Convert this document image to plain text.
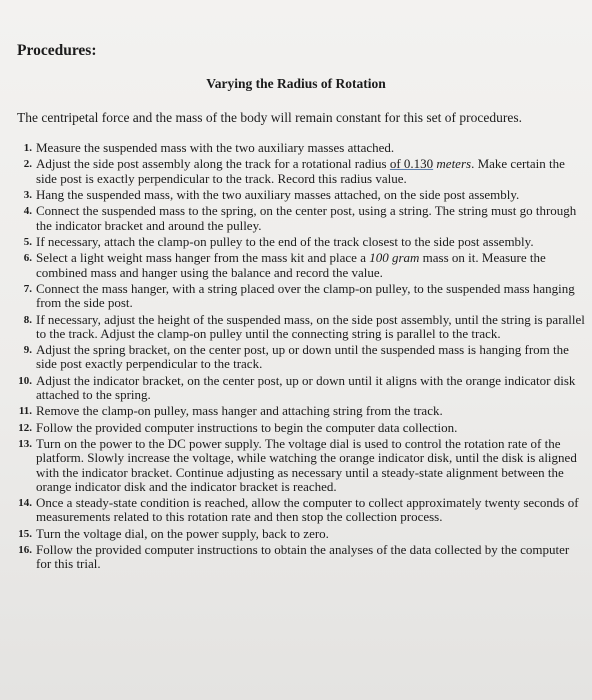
Procedures:
Varying the Radius of Rotation

The centripetal force and the mass of the body will remain constant for this set of procedures.

1. Measure the suspended mass with the two auxiliary masses attached.
2. Adjust the side post assembly along the track for a rotational radius of 0.130 meters. Make certain the side post is exactly perpendicular to the track. Record this radius value.
3. Hang the suspended mass, with the two auxiliary masses attached, on the side post assembly.
4. Connect the suspended mass to the spring, on the center post, using a string. The string must go through the indicator bracket and around the pulley.
5. If necessary, attach the clamp-on pulley to the end of the track closest to the side post assembly.
6. Select a light weight mass hanger from the mass kit and place a 100 gram mass on it. Measure the combined mass and hanger using the balance and record the value.
7. Connect the mass hanger, with a string placed over the clamp-on pulley, to the suspended mass hanging from the side post.
8. If necessary, adjust the height of the suspended mass, on the side post assembly, until the string is parallel to the track. Adjust the clamp-on pulley until the connecting string is parallel to the track.
9. Adjust the spring bracket, on the center post, up or down until the suspended mass is hanging from the side post exactly perpendicular to the track.
10. Adjust the indicator bracket, on the center post, up or down until it aligns with the orange indicator disk attached to the spring.
11. Remove the clamp-on pulley, mass hanger and attaching string from the track.
12. Follow the provided computer instructions to begin the computer data collection.
13. Turn on the power to the DC power supply. The voltage dial is used to control the rotation rate of the platform. Slowly increase the voltage, while watching the orange indicator disk, until the disk is aligned with the indicator bracket. Continue adjusting as necessary until a steady-state alignment between the orange indicator disk and the indicator bracket is reached.
14. Once a steady-state condition is reached, allow the computer to collect approximately twenty seconds of measurements related to this rotation rate and then stop the collection process.
15. Turn the voltage dial, on the power supply, back to zero.
16. Follow the provided computer instructions to obtain the analyses of the data collected by the computer for this trial.
